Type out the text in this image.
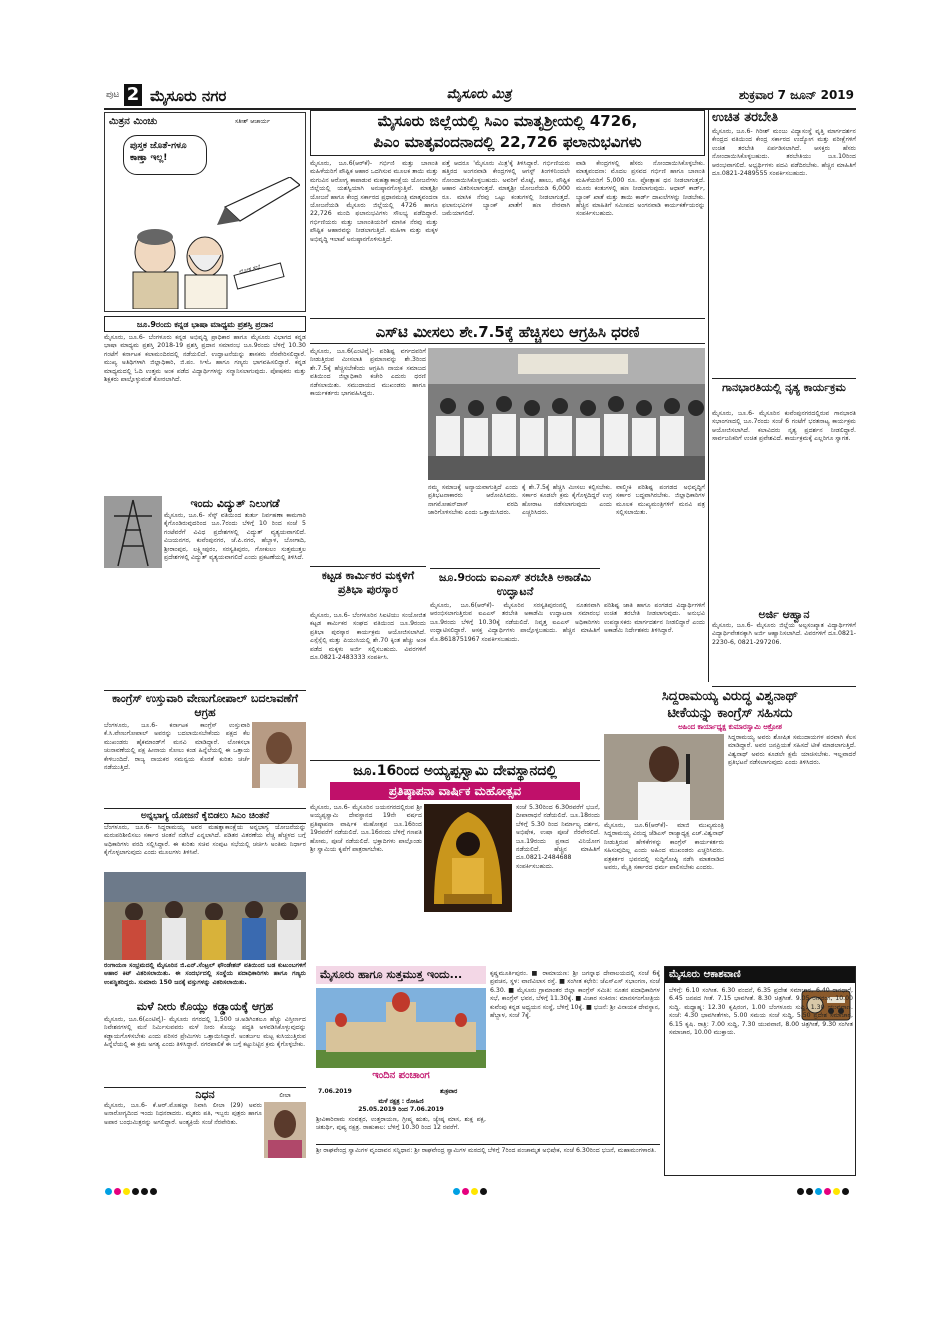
ಪುಟ 2 ಮೈಸೂರು ನಗರ	ಮೈಸೂರು ಮಿತ್ರ	ಶುಕ್ರವಾರ 7 ಜೂನ್ 2019
ಮಿತ್ರನ ಮಿಂಚು	ಸತೀಶ್ ಆಚಾರ್ಯ
ಪುಸ್ತಕ ಜೊತೆ-ಗಳೂ ಕಾಣ್ತಾ ಇಲ್ಲ!
ಲೋಕ ಸಭೆ
ಜೂ.9ರಂದು ಕನ್ನಡ ಭಾಷಾ ಮಾಧ್ಯಮ ಪ್ರಶಸ್ತಿ ಪ್ರದಾನ
ಮೈಸೂರು, ಜೂ.6- ಬೆಂಗಳೂರು ಕನ್ನಡ ಅಭಿವೃದ್ಧಿ ಪ್ರಾಧಿಕಾರ ಹಾಗೂ ಮೈಸೂರು ವಿಭಾಗದ ಕನ್ನಡ ಭಾಷಾ ಮಾಧ್ಯಮ ಪ್ರಶಸ್ತಿ 2018-19 ಪ್ರಶಸ್ತಿ ಪ್ರದಾನ ಸಮಾರಂಭ ಜೂ.9ರಂದು ಬೆಳಿಗ್ಗೆ 10.30 ಗಂಟೆಗೆ ಕರ್ನಾಟಕ ಕಲಾಮಂದಿರದಲ್ಲಿ ನಡೆಯಲಿದೆ. ಉದ್ಘಾಟನೆಯನ್ನು ಶಾಸಕರು ನೆರವೇರಿಸಲಿದ್ದಾರೆ. ಮುಖ್ಯ ಅತಿಥಿಗಳಾಗಿ ಜಿಲ್ಲಾಧಿಕಾರಿ, ಜಿ.ಪಂ. ಸಿಇಓ ಹಾಗೂ ಗಣ್ಯರು ಭಾಗವಹಿಸಲಿದ್ದಾರೆ. ಕನ್ನಡ ಮಾಧ್ಯಮದಲ್ಲಿ ಓದಿ ಉತ್ತಮ ಅಂಕ ಪಡೆದ ವಿದ್ಯಾರ್ಥಿಗಳನ್ನು ಸನ್ಮಾನಿಸಲಾಗುವುದು. ಪೋಷಕರು ಮತ್ತು ಶಿಕ್ಷಕರು ಪಾಲ್ಗೊಳ್ಳುವಂತೆ ಕೋರಲಾಗಿದೆ.
ಇಂದು ವಿದ್ಯುತ್ ನಿಲುಗಡೆ
ಮೈಸೂರು, ಜೂ.6- ಸೆಸ್ಕ್ ವತಿಯಿಂದ ತುರ್ತು ನಿರ್ವಹಣಾ ಕಾಮಗಾರಿ ಕೈಗೊಂಡಿರುವುದರಿಂದ ಜೂ.7ರಂದು ಬೆಳಿಗ್ಗೆ 10 ರಿಂದ ಸಂಜೆ 5 ಗಂಟೆವರೆಗೆ ವಿವಿಧ ಪ್ರದೇಶಗಳಲ್ಲಿ ವಿದ್ಯುತ್ ವ್ಯತ್ಯಯವಾಗಲಿದೆ. ವಿಜಯನಗರ, ಕುವೆಂಪುನಗರ, ಜೆ.ಪಿ.ನಗರ, ಹೆಬ್ಬಾಳ, ಬೋಗಾದಿ, ಶ್ರೀರಾಂಪುರ, ಲಕ್ಷ್ಮೀಪುರಂ, ಸರಸ್ವತಿಪುರಂ, ಗೋಕುಲಂ ಸುತ್ತಮುತ್ತಲ ಪ್ರದೇಶಗಳಲ್ಲಿ ವಿದ್ಯುತ್ ವ್ಯತ್ಯಯವಾಗಲಿದೆ ಎಂದು ಪ್ರಕಟಣೆಯಲ್ಲಿ ತಿಳಿಸಿದೆ.
ಕಾಂಗ್ರೆಸ್ ಉಸ್ತುವಾರಿ ವೇಣುಗೋಪಾಲ್ ಬದಲಾವಣೆಗೆ ಆಗ್ರಹ
ಬೆಂಗಳೂರು, ಜೂ.6- ಕರ್ನಾಟಕ ಕಾಂಗ್ರೆಸ್ ಉಸ್ತುವಾರಿ ಕೆ.ಸಿ.ವೇಣುಗೋಪಾಲ್ ಅವರನ್ನು ಬದಲಾಯಿಸಬೇಕೆಂದು ಪಕ್ಷದ ಕೆಲ ಮುಖಂಡರು ಹೈಕಮಾಂಡ್‌ಗೆ ಮನವಿ ಮಾಡಿದ್ದಾರೆ. ಲೋಕಸಭಾ ಚುನಾವಣೆಯಲ್ಲಿ ಪಕ್ಷ ಹೀನಾಯ ಸೋಲು ಕಂಡ ಹಿನ್ನೆಲೆಯಲ್ಲಿ ಈ ಒತ್ತಾಯ ಕೇಳಿಬಂದಿದೆ. ರಾಜ್ಯ ನಾಯಕರ ಸಮನ್ವಯ ಕೊರತೆ ಕುರಿತು ಚರ್ಚೆ ನಡೆಯುತ್ತಿದೆ.
ಅನ್ನಭಾಗ್ಯ ಯೋಜನೆ ಕೈಬಿಡಲು ಸಿಎಂ ಚಿಂತನೆ
ಬೆಂಗಳೂರು, ಜೂ.6- ಸಿದ್ದರಾಮಯ್ಯ ಅವರ ಮಹತ್ವಾಕಾಂಕ್ಷೆಯ ಅನ್ನಭಾಗ್ಯ ಯೋಜನೆಯನ್ನು ಮರುಪರಿಶೀಲಿಸಲು ಸರ್ಕಾರ ಚಿಂತನೆ ನಡೆಸಿದೆ ಎನ್ನಲಾಗಿದೆ. ಪಡಿತರ ವಿತರಣೆಯ ವೆಚ್ಚ ಹೆಚ್ಚಳದ ಬಗ್ಗೆ ಅಧಿಕಾರಿಗಳು ವರದಿ ಸಲ್ಲಿಸಿದ್ದಾರೆ. ಈ ಕುರಿತು ಸಚಿವ ಸಂಪುಟ ಸಭೆಯಲ್ಲಿ ಚರ್ಚಿಸಿ ಅಂತಿಮ ನಿರ್ಧಾರ ಕೈಗೊಳ್ಳಲಾಗುವುದು ಎಂದು ಮೂಲಗಳು ತಿಳಿಸಿವೆ.
ರಂಗಾಯಣ ಸಂಭ್ರಮದಲ್ಲಿ ಮೈಸೂರಿನ ಜಿ.ಎನ್.ಸೆಂಟ್ರಲ್ ಫೌಂಡೇಶನ್ ವತಿಯಿಂದ ಬಡ ಕುಟುಂಬಗಳಿಗೆ ಆಹಾರ ಕಿಟ್ ವಿತರಿಸಲಾಯಿತು. ಈ ಸಂದರ್ಭದಲ್ಲಿ ಸಂಸ್ಥೆಯ ಪದಾಧಿಕಾರಿಗಳು ಹಾಗೂ ಗಣ್ಯರು ಉಪಸ್ಥಿತರಿದ್ದರು. ಸುಮಾರು 150 ಜನಕ್ಕೆ ವಸ್ತುಗಳನ್ನು ವಿತರಿಸಲಾಯಿತು.
ಮಳೆ ನೀರು ಕೊಯ್ಲು ಕಡ್ಡಾಯಕ್ಕೆ ಆಗ್ರಹ
ಮೈಸೂರು, ಜೂ.6(ಎಂಟಿವೈ)- ಮೈಸೂರು ನಗರದಲ್ಲಿ 1,500 ಚ.ಅಡಿಗಿಂತಲೂ ಹೆಚ್ಚು ವಿಸ್ತೀರ್ಣದ ನಿವೇಶನಗಳಲ್ಲಿ ಮನೆ ನಿರ್ಮಿಸುವವರು ಮಳೆ ನೀರು ಕೊಯ್ಲು ಪದ್ಧತಿ ಅಳವಡಿಸಿಕೊಳ್ಳುವುದನ್ನು ಕಡ್ಡಾಯಗೊಳಿಸಬೇಕು ಎಂದು ಪರಿಸರ ಪ್ರೇಮಿಗಳು ಒತ್ತಾಯಿಸಿದ್ದಾರೆ. ಅಂತರ್ಜಲ ಮಟ್ಟ ಕುಸಿಯುತ್ತಿರುವ ಹಿನ್ನೆಲೆಯಲ್ಲಿ ಈ ಕ್ರಮ ಅಗತ್ಯ ಎಂದು ತಿಳಿಸಿದ್ದಾರೆ. ನಗರಪಾಲಿಕೆ ಈ ಬಗ್ಗೆ ಕಟ್ಟುನಿಟ್ಟಿನ ಕ್ರಮ ಕೈಗೊಳ್ಳಬೇಕು.
ನಿಧನ
ಮೈಸೂರು, ಜೂ.6- ಕೆ.ಆರ್.ಮೊಹಲ್ಲಾ ನಿವಾಸಿ ಲೀಲಾ (29) ಅವರು ಅನಾರೋಗ್ಯದಿಂದ ಇಂದು ನಿಧನರಾದರು. ಮೃತರು ಪತಿ, ಇಬ್ಬರು ಪುತ್ರರು ಹಾಗೂ ಅಪಾರ ಬಂಧುಮಿತ್ರರನ್ನು ಅಗಲಿದ್ದಾರೆ. ಅಂತ್ಯಕ್ರಿಯೆ ಸಂಜೆ ನೆರವೇರಿತು.
ಲೀಲಾ
ಮೈಸೂರು ಜಿಲ್ಲೆಯಲ್ಲಿ ಸಿಎಂ ಮಾತೃಶ್ರೀಯಲ್ಲಿ 4726,
ಪಿಎಂ ಮಾತೃವಂದನಾದಲ್ಲಿ 22,726 ಫಲಾನುಭವಿಗಳು
ಮೈಸೂರು, ಜೂ.6(ಆರ್‌ಕೆ)- ಗರ್ಭಿಣಿ ಮತ್ತು ಬಾಣಂತಿ ಮಹಿಳೆಯರಿಗೆ ಪೌಷ್ಟಿಕ ಆಹಾರ ಒದಗಿಸುವ ಮೂಲಕ ತಾಯಿ ಮತ್ತು ಮಗುವಿನ ಆರೋಗ್ಯ ಕಾಪಾಡುವ ಮಹತ್ವಾಕಾಂಕ್ಷೆಯ ಯೋಜನೆಗಳು ಜಿಲ್ಲೆಯಲ್ಲಿ ಯಶಸ್ವಿಯಾಗಿ ಅನುಷ್ಠಾನಗೊಳ್ಳುತ್ತಿವೆ. ಮಾತೃಶ್ರೀ ಯೋಜನೆ ಹಾಗೂ ಕೇಂದ್ರ ಸರ್ಕಾರದ ಪ್ರಧಾನಮಂತ್ರಿ ಮಾತೃವಂದನಾ ಯೋಜನೆಯಡಿ ಮೈಸೂರು ಜಿಲ್ಲೆಯಲ್ಲಿ 4726 ಹಾಗೂ 22,726 ಮಂದಿ ಫಲಾನುಭವಿಗಳು ಸೌಲಭ್ಯ ಪಡೆದಿದ್ದಾರೆ. ಗರ್ಭಿಣಿಯರು ಮತ್ತು ಬಾಣಂತಿಯರಿಗೆ ಮಾಸಿಕ ನೆರವು ಮತ್ತು ಪೌಷ್ಟಿಕ ಆಹಾರವನ್ನು ನೀಡಲಾಗುತ್ತಿದೆ. ಮಹಿಳಾ ಮತ್ತು ಮಕ್ಕಳ ಅಭಿವೃದ್ಧಿ ಇಲಾಖೆ ಅನುಷ್ಠಾನಗೊಳಿಸುತ್ತಿದೆ.
ಪತ್ತೆ ಆದರೂ 'ಮೈಸೂರು ಮಿತ್ರ'ಕ್ಕೆ ತಿಳಿಸಿದ್ದಾರೆ. ಗರ್ಭಿಣಿಯರು ಹತ್ತಿರದ ಅಂಗನವಾಡಿ ಕೇಂದ್ರಗಳಲ್ಲಿ ಆಗಸ್ಟ್ ತಿಂಗಳಿನಿಂದಲೇ ನೋಂದಾಯಿಸಿಕೊಳ್ಳಬಹುದು. ಅವರಿಗೆ ಮೊಟ್ಟೆ, ಹಾಲು, ಪೌಷ್ಟಿಕ ಆಹಾರ ವಿತರಿಸಲಾಗುತ್ತದೆ. ಮಾತೃಶ್ರೀ ಯೋಜನೆಯಡಿ 6,000 ರೂ. ಮಾಸಿಕ ನೆರವು ಒಟ್ಟು ಕಂತುಗಳಲ್ಲಿ ನೀಡಲಾಗುತ್ತದೆ. ಫಲಾನುಭವಿಗಳ ಬ್ಯಾಂಕ್ ಖಾತೆಗೆ ಹಣ ನೇರವಾಗಿ ಜಮೆಯಾಗಲಿದೆ.
ವಾಡಿ ಕೇಂದ್ರಗಳಲ್ಲಿ ಹೆಸರು ನೋಂದಾಯಿಸಿಕೊಳ್ಳಬೇಕು. ಮಾತೃವಂದನಾ: ಮೊದಲ ಪ್ರಸವದ ಗರ್ಭಿಣಿ ಹಾಗೂ ಬಾಣಂತಿ ಮಹಿಳೆಯರಿಗೆ 5,000 ರೂ. ಪ್ರೋತ್ಸಾಹ ಧನ ನೀಡಲಾಗುತ್ತದೆ. ಮೂರು ಕಂತುಗಳಲ್ಲಿ ಹಣ ನೀಡಲಾಗುವುದು. ಆಧಾರ್ ಕಾರ್ಡ್, ಬ್ಯಾಂಕ್ ಖಾತೆ ಮತ್ತು ತಾಯಿ ಕಾರ್ಡ್ ದಾಖಲೆಗಳನ್ನು ನೀಡಬೇಕು. ಹೆಚ್ಚಿನ ಮಾಹಿತಿಗೆ ಸಮೀಪದ ಅಂಗನವಾಡಿ ಕಾರ್ಯಕರ್ತೆಯರನ್ನು ಸಂಪರ್ಕಿಸಬಹುದು.
ಉಚಿತ ತರಬೇತಿ
ಮೈಸೂರು, ಜೂ.6- ಗಿರೀಶ್ ಮಂಜು ವಿದ್ಯಾಸಂಸ್ಥೆ ವೃತ್ತಿ ಮಾರ್ಗದರ್ಶನ ಕೇಂದ್ರದ ವತಿಯಿಂದ ಕೇಂದ್ರ ಸರ್ಕಾರದ ಉದ್ಯೋಗ ಮತ್ತು ಪರೀಕ್ಷೆಗಳಿಗೆ ಉಚಿತ ತರಬೇತಿ ಏರ್ಪಡಿಸಲಾಗಿದೆ. ಆಸಕ್ತರು ಹೆಸರು ನೋಂದಾಯಿಸಿಕೊಳ್ಳಬಹುದು. ತರಬೇತಿಯು ಜೂ.10ರಿಂದ ಆರಂಭವಾಗಲಿದೆ. ಅಭ್ಯರ್ಥಿಗಳು ಪದವಿ ಪಡೆದಿರಬೇಕು. ಹೆಚ್ಚಿನ ಮಾಹಿತಿಗೆ ದೂ.0821-2489555 ಸಂಪರ್ಕಿಸಬಹುದು.
ಗಾನಭಾರತಿಯಲ್ಲಿ ನೃತ್ಯ ಕಾರ್ಯಕ್ರಮ
ಮೈಸೂರು, ಜೂ.6- ಮೈಸೂರಿನ ಕುವೆಂಪುನಗರದಲ್ಲಿರುವ ಗಾನಭಾರತಿ ಸಭಾಂಗಣದಲ್ಲಿ ಜೂ.7ರಂದು ಸಂಜೆ 6 ಗಂಟೆಗೆ ಭರತನಾಟ್ಯ ಕಾರ್ಯಕ್ರಮ ಆಯೋಜಿಸಲಾಗಿದೆ. ಕಲಾವಿದರು ನೃತ್ಯ ಪ್ರದರ್ಶನ ನೀಡಲಿದ್ದಾರೆ. ಸಾರ್ವಜನಿಕರಿಗೆ ಉಚಿತ ಪ್ರವೇಶವಿದೆ. ಕಾರ್ಯಕ್ರಮಕ್ಕೆ ಎಲ್ಲರಿಗೂ ಸ್ವಾಗತ.
ಅರ್ಜಿ ಆಹ್ವಾನ
ಮೈಸೂರು, ಜೂ.6- ಮೈಸೂರು ಜಿಲ್ಲೆಯ ಅಲ್ಪಸಂಖ್ಯಾತ ವಿದ್ಯಾರ್ಥಿಗಳಿಗೆ ವಿದ್ಯಾರ್ಥಿವೇತನಕ್ಕಾಗಿ ಅರ್ಜಿ ಆಹ್ವಾನಿಸಲಾಗಿದೆ. ವಿವರಗಳಿಗೆ ದೂ.0821-2230-6, 0821-297206.
ಎಸ್‌ಟಿ ಮೀಸಲು ಶೇ.7.5ಕ್ಕೆ ಹೆಚ್ಚಿಸಲು ಆಗ್ರಹಿಸಿ ಧರಣಿ
ಮೈಸೂರು, ಜೂ.6(ಎಂಟಿವೈ)- ಪರಿಶಿಷ್ಟ ವರ್ಗದವರಿಗೆ ನೀಡುತ್ತಿರುವ ಮೀಸಲಾತಿ ಪ್ರಮಾಣವನ್ನು ಶೇ.3ರಿಂದ ಶೇ.7.5ಕ್ಕೆ ಹೆಚ್ಚಿಸಬೇಕೆಂದು ಆಗ್ರಹಿಸಿ ನಾಯಕ ಸಮಾಜದ ವತಿಯಿಂದ ಜಿಲ್ಲಾಧಿಕಾರಿ ಕಚೇರಿ ಎದುರು ಧರಣಿ ನಡೆಸಲಾಯಿತು. ಸಮುದಾಯದ ಮುಖಂಡರು ಹಾಗೂ ಕಾರ್ಯಕರ್ತರು ಭಾಗವಹಿಸಿದ್ದರು.
ನಮ್ಮ ಸಮಾಜಕ್ಕೆ ಅನ್ಯಾಯವಾಗುತ್ತಿದೆ ಎಂದು ಪ್ರತಿಭಟನಾಕಾರರು ಆರೋಪಿಸಿದರು. ನಾಗಮೋಹನ್‌ದಾಸ್ ವರದಿ ಜಾರಿಗೊಳಿಸಬೇಕು ಎಂದು ಒತ್ತಾಯಿಸಿದರು.
ಕ್ಕೆ ಶೇ.7.5ಕ್ಕೆ ಹೆಚ್ಚಿಸಿ ಮೀಸಲು ಕಲ್ಪಿಸಬೇಕು. ಸರ್ಕಾರ ಕೂಡಲೇ ಕ್ರಮ ಕೈಗೊಳ್ಳದಿದ್ದರೆ ಉಗ್ರ ಹೋರಾಟ ನಡೆಸಲಾಗುವುದು ಎಂದು ಎಚ್ಚರಿಸಿದರು.
ವಾಲ್ಮೀಕಿ ಪರಿಶಿಷ್ಟ ಪಂಗಡದ ಅಭಿವೃದ್ಧಿಗೆ ಸರ್ಕಾರ ಬದ್ಧವಾಗಿರಬೇಕು. ಜಿಲ್ಲಾಧಿಕಾರಿಗಳ ಮೂಲಕ ಮುಖ್ಯಮಂತ್ರಿಗಳಿಗೆ ಮನವಿ ಪತ್ರ ಸಲ್ಲಿಸಲಾಯಿತು.
ಕಟ್ಟಡ ಕಾರ್ಮಿಕರ ಮಕ್ಕಳಿಗೆ ಪ್ರತಿಭಾ ಪುರಸ್ಕಾರ
ಮೈಸೂರು, ಜೂ.6- ಬೆಂಗಳೂರಿನ ಸಿಐಟಿಯು ಸಂಯೋಜಿತ ಕಟ್ಟಡ ಕಾರ್ಮಿಕರ ಸಂಘದ ವತಿಯಿಂದ ಜೂ.9ರಂದು ಪ್ರತಿಭಾ ಪುರಸ್ಕಾರ ಕಾರ್ಯಕ್ರಮ ಆಯೋಜಿಸಲಾಗಿದೆ. ಎಸ್ಸೆಸ್ಸೆಲ್ಸಿ ಮತ್ತು ಪಿಯುಸಿಯಲ್ಲಿ ಶೇ.70 ಕ್ಕಿಂತ ಹೆಚ್ಚು ಅಂಕ ಪಡೆದ ಮಕ್ಕಳು ಅರ್ಜಿ ಸಲ್ಲಿಸಬಹುದು. ವಿವರಗಳಿಗೆ ದೂ.0821-2483333 ಸಂಪರ್ಕಿಸಿ.
ಜೂ.9ರಂದು ಐಎಎಸ್ ತರಬೇತಿ ಅಕಾಡೆಮಿ ಉದ್ಘಾಟನೆ
ಮೈಸೂರು, ಜೂ.6(ಆರ್‌ಕೆ)- ಮೈಸೂರಿನ ಸರಸ್ವತಿಪುರಂನಲ್ಲಿ ನೂತನವಾಗಿ ಆರಂಭಿಸಲಾಗುತ್ತಿರುವ ಐಎಎಸ್ ತರಬೇತಿ ಅಕಾಡೆಮಿ ಉದ್ಘಾಟನಾ ಸಮಾರಂಭ ಜೂ.9ರಂದು ಬೆಳಿಗ್ಗೆ 10.30ಕ್ಕೆ ನಡೆಯಲಿದೆ. ನಿವೃತ್ತ ಐಎಎಸ್ ಅಧಿಕಾರಿಗಳು ಉದ್ಘಾಟಿಸಲಿದ್ದಾರೆ. ಆಸಕ್ತ ವಿದ್ಯಾರ್ಥಿಗಳು ಪಾಲ್ಗೊಳ್ಳಬಹುದು. ಹೆಚ್ಚಿನ ಮಾಹಿತಿಗೆ ಮೊ.8618751967 ಸಂಪರ್ಕಿಸಬಹುದು.
ಪರಿಶಿಷ್ಟ ಜಾತಿ ಹಾಗೂ ಪಂಗಡದ ವಿದ್ಯಾರ್ಥಿಗಳಿಗೆ ಉಚಿತ ತರಬೇತಿ ನೀಡಲಾಗುವುದು. ಅನುಭವಿ ಉಪನ್ಯಾಸಕರು ಮಾರ್ಗದರ್ಶನ ನೀಡಲಿದ್ದಾರೆ ಎಂದು ಅಕಾಡೆಮಿ ನಿರ್ದೇಶಕರು ತಿಳಿಸಿದ್ದಾರೆ.
ಸಿದ್ದರಾಮಯ್ಯ ವಿರುದ್ಧ ವಿಶ್ವನಾಥ್
ಟೀಕೆಯನ್ನು ಕಾಂಗ್ರೆಸ್ ಸಹಿಸದು
ಅಹಿಂದ ಕಾರ್ಯಾಧ್ಯಕ್ಷ ಕುಮಾರಸ್ವಾಮಿ ಆಕ್ರೋಶ
ಮೈಸೂರು, ಜೂ.6(ಆರ್‌ಕೆ)- ಮಾಜಿ ಮುಖ್ಯಮಂತ್ರಿ ಸಿದ್ದರಾಮಯ್ಯ ವಿರುದ್ಧ ಜೆಡಿಎಸ್ ರಾಜ್ಯಾಧ್ಯಕ್ಷ ಎಚ್.ವಿಶ್ವನಾಥ್ ನೀಡುತ್ತಿರುವ ಹೇಳಿಕೆಗಳನ್ನು ಕಾಂಗ್ರೆಸ್ ಕಾರ್ಯಕರ್ತರು ಸಹಿಸುವುದಿಲ್ಲ ಎಂದು ಅಹಿಂದ ಮುಖಂಡರು ಎಚ್ಚರಿಸಿದರು. ಪತ್ರಕರ್ತರ ಭವನದಲ್ಲಿ ಸುದ್ದಿಗೋಷ್ಠಿ ನಡೆಸಿ ಮಾತನಾಡಿದ ಅವರು, ಮೈತ್ರಿ ಸರ್ಕಾರದ ಧರ್ಮ ಪಾಲಿಸಬೇಕು ಎಂದರು.
ಸಿದ್ದರಾಮಯ್ಯ ಅವರು ಶೋಷಿತ ಸಮುದಾಯಗಳ ಪರವಾಗಿ ಕೆಲಸ ಮಾಡಿದ್ದಾರೆ. ಅವರ ಜನಪ್ರಿಯತೆ ಸಹಿಸದೆ ಟೀಕೆ ಮಾಡಲಾಗುತ್ತಿದೆ. ವಿಶ್ವನಾಥ್ ಅವರು ಕೂಡಲೇ ಕ್ಷಮೆ ಯಾಚಿಸಬೇಕು. ಇಲ್ಲವಾದರೆ ಪ್ರತಿಭಟನೆ ನಡೆಸಲಾಗುವುದು ಎಂದು ತಿಳಿಸಿದರು.
ಜೂ.16ರಿಂದ ಅಯ್ಯಪ್ಪಸ್ವಾಮಿ ದೇವಸ್ಥಾನದಲ್ಲಿ
ಪ್ರತಿಷ್ಠಾಪನಾ ವಾರ್ಷಿಕ ಮಹೋತ್ಸವ
ಮೈಸೂರು, ಜೂ.6- ಮೈಸೂರಿನ ಜಯನಗರದಲ್ಲಿರುವ ಶ್ರೀ ಅಯ್ಯಪ್ಪಸ್ವಾಮಿ ದೇವಸ್ಥಾನದ 19ನೇ ವರ್ಷದ ಪ್ರತಿಷ್ಠಾಪನಾ ವಾರ್ಷಿಕ ಮಹೋತ್ಸವ ಜೂ.16ರಿಂದ 19ರವರೆಗೆ ನಡೆಯಲಿದೆ. ಜೂ.16ರಂದು ಬೆಳಿಗ್ಗೆ ಗಣಪತಿ ಹೋಮ, ಪೂಜೆ ನಡೆಯಲಿದೆ. ಭಕ್ತಾದಿಗಳು ಪಾಲ್ಗೊಂಡು ಶ್ರೀ ಸ್ವಾಮಿಯ ಕೃಪೆಗೆ ಪಾತ್ರರಾಗಬೇಕು.
ಸಂಜೆ 5.30ರಿಂದ 6.30ರವರೆಗೆ ಭಜನೆ, ದೀಪಾರಾಧನೆ ನಡೆಯಲಿದೆ. ಜೂ.18ರಂದು ಬೆಳಿಗ್ಗೆ 5.30 ರಿಂದ ನಿರ್ಮಾಲ್ಯ ದರ್ಶನ, ಅಭಿಷೇಕ, ಉಷಾ ಪೂಜೆ ನೆರವೇರಲಿದೆ. ಜೂ.19ರಂದು ಪ್ರಸಾದ ವಿನಿಯೋಗ ನಡೆಯಲಿದೆ. ಹೆಚ್ಚಿನ ಮಾಹಿತಿಗೆ ದೂ.0821-2484688 ಸಂಪರ್ಕಿಸಬಹುದು.
ಮೈಸೂರು ಹಾಗೂ ಸುತ್ತಮುತ್ತ ಇಂದು...
ಇಂದಿನ ಪಂಚಾಂಗ
7.06.2019	ಶುಕ್ರವಾರ
ಮಳೆ ನಕ್ಷತ್ರ : ರೋಹಿಣಿ
25.05.2019 ರಿಂದ 7.06.2019
ಶ್ರೀವಿಕಾರಿನಾಮ ಸಂವತ್ಸರ, ಉತ್ತರಾಯಣ, ಗ್ರೀಷ್ಮ ಋತು, ಜ್ಯೇಷ್ಠ ಮಾಸ, ಶುಕ್ಲ ಪಕ್ಷ, ಚತುರ್ಥಿ, ಪುಷ್ಯ ನಕ್ಷತ್ರ. ರಾಹುಕಾಲ: ಬೆಳಿಗ್ಗೆ 10.30 ರಿಂದ 12 ರವರೆಗೆ.
ಶ್ರೀ ರಾಘವೇಂದ್ರ ಸ್ವಾಮಿಗಳ ವೃಂದಾವನ ಸನ್ನಿಧಾನ: ಶ್ರೀ ರಾಘವೇಂದ್ರ ಸ್ವಾಮಿಗಳ ಮಠದಲ್ಲಿ ಬೆಳಿಗ್ಗೆ 7ರಿಂದ ಪಂಚಾಮೃತ ಅಭಿಷೇಕ, ಸಂಜೆ 6.30ರಿಂದ ಭಜನೆ, ಮಹಾಮಂಗಳಾರತಿ.
ಕೃಷ್ಣಮೂರ್ತಿಪುರಂ. ■ ರಾಮಾಯಣ: ಶ್ರೀ ಜಗನ್ನಾಥ ದೇವಾಲಯದಲ್ಲಿ ಸಂಜೆ 6ಕ್ಕೆ ಪ್ರವಚನ, ಸ್ಥಳ: ವಾಣಿವಿಲಾಸ ರಸ್ತೆ. ■ ಸಂಗೀತ ಕಛೇರಿ: ಜೆಎಸ್‌ಎಸ್ ಸಭಾಂಗಣ, ಸಂಜೆ 6.30. ■ ಮೈಸೂರು ಗ್ರಾಮಾಂತರ ಜಿಲ್ಲಾ ಕಾಂಗ್ರೆಸ್ ಸಮಿತಿ: ನೂತನ ಪದಾಧಿಕಾರಿಗಳ ಸಭೆ, ಕಾಂಗ್ರೆಸ್ ಭವನ, ಬೆಳಿಗ್ಗೆ 11.30ಕ್ಕೆ. ■ ವಿಚಾರ ಸಂಕಿರಣ: ಮಾನಸಗಂಗೋತ್ರಿಯ ಕುವೆಂಪು ಕನ್ನಡ ಅಧ್ಯಯನ ಸಂಸ್ಥೆ, ಬೆಳಿಗ್ಗೆ 10ಕ್ಕೆ. ■ ಭಜನೆ: ಶ್ರೀ ವಿನಾಯಕ ದೇವಸ್ಥಾನ, ಹೆಬ್ಬಾಳ, ಸಂಜೆ 7ಕ್ಕೆ.
ಮೈಸೂರು ಆಕಾಶವಾಣಿ
ಬೆಳಿಗ್ಗೆ: 6.10 ಸಂಗೀತ. 6.30 ವಂದನೆ, 6.35 ಪ್ರದೇಶ ಸಮಾಚಾರ, 6.40 ರಾಗಧಾರೆ, 6.45 ಜನಪದ ಗೀತೆ. 7.15 ಭಾವಗೀತೆ. 8.30 ಚಿತ್ರಗೀತೆ. 9.05 ರಾಗರಂಗ, 10.00 ಸುದ್ದಿ. ಮಧ್ಯಾಹ್ನ: 12.30 ಕೃಷಿರಂಗ, 1.00 ಬೆಂಗಳೂರು ಸುದ್ದಿ, 1.30 ಯುವವಾಣಿ. ಸಂಜೆ: 4.30 ಭಾವಗೀತೆಗಳು, 5.00 ಸಮಯ ಸಂಜೆ ಸುದ್ದಿ, 5.50 ಪ್ರದೇಶ ಸಮಾಚಾರ, 6.15 ಕೃಷಿ. ರಾತ್ರಿ: 7.00 ಸುದ್ದಿ, 7.30 ಯುವವಾಣಿ, 8.00 ಚಿತ್ರಗೀತೆ, 9.30 ಸಂಗೀತ ಸಮಾಚಾರ, 10.00 ಮುಕ್ತಾಯ.
